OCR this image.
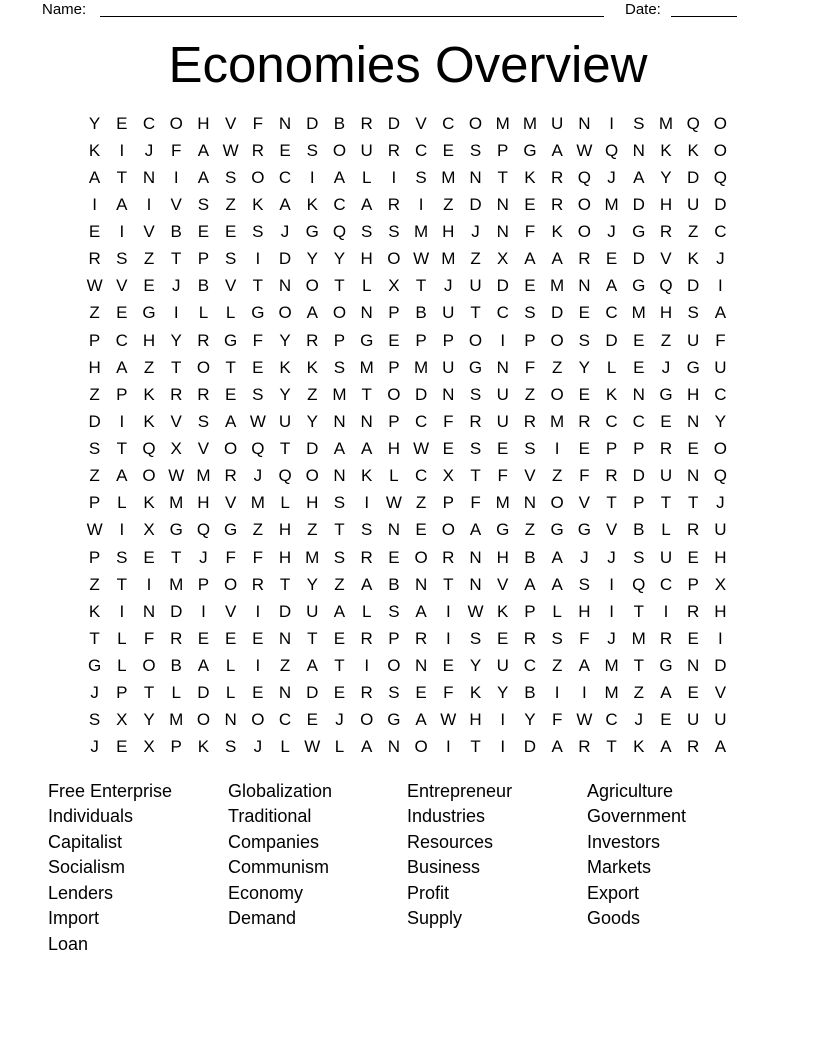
Name:	Date:
Economies Overview
Y E C O H V F N D B R D V C O M M U N	I	S M Q O
K	I	J	F A W R E S O U R C E S P G A W Q N K K O
A T N	I	A S O C	I	A L	I	S M N T K R Q J	A Y D Q
I	A	I	V S Z K A K C A R	I	Z D N E R O M D H U D
E	I	V B E E S	J G Q S S M H J N F K O J G R Z C
R S Z T P S	I	D Y Y H O W M Z X A A R E D V K	J
W V E	J	B V T N O T	L X T	J U D E M N A G Q D	I
Z E G	I	L	L G O A O N P B U T C S D E C M H S A
P C H Y R G F Y R P G E P P O	I	P O S D E Z U F
H A Z T O T E K K S M P M U G N F Z Y L E	J G U
Z P K R R E S Y Z M T O D N S U Z O E K N G H C
D	I	K V S A W U Y N N P C F R U R M R C C E N Y
S T Q X V O Q T D A A H W E S E S	I	E P P R E O
Z A O W M R J Q O N K L C X T F V Z F R D U N Q
P L K M H V M L H S	I W Z P F M N O V T P T T	J
W I	X G Q G Z H Z T S N E O A G Z G G V B L R U
P S E T	J	F F H M S R E O R N H B A	J	J	S U E H
Z T	I	M P O R T Y Z A B N T N V A A S	I	Q C P X
K	I	N D	I	V	I	D U A L S A	I W K P L H	I	T	I	R H
T	L	F R E E E N T E R P R	I	S E R S F	J M R E	I
G L O B A L	I	Z A T	I	O N E Y U C Z A M T G N D
J	P T	L D L E N D E R S E F K Y B	I	I	M Z A E V
S X Y M O N O C E	J O G A W H	I	Y F W C J	E U U
J	E X P K S	J	L W L A N O	I	T	I	D A R T K A R A
Free Enterprise
Individuals
Capitalist
Socialism
Lenders
Import
Loan
Globalization
Traditional
Companies
Communism
Economy
Demand
Entrepreneur
Industries
Resources
Business
Profit
Supply
Agriculture
Government
Investors
Markets
Export
Goods
